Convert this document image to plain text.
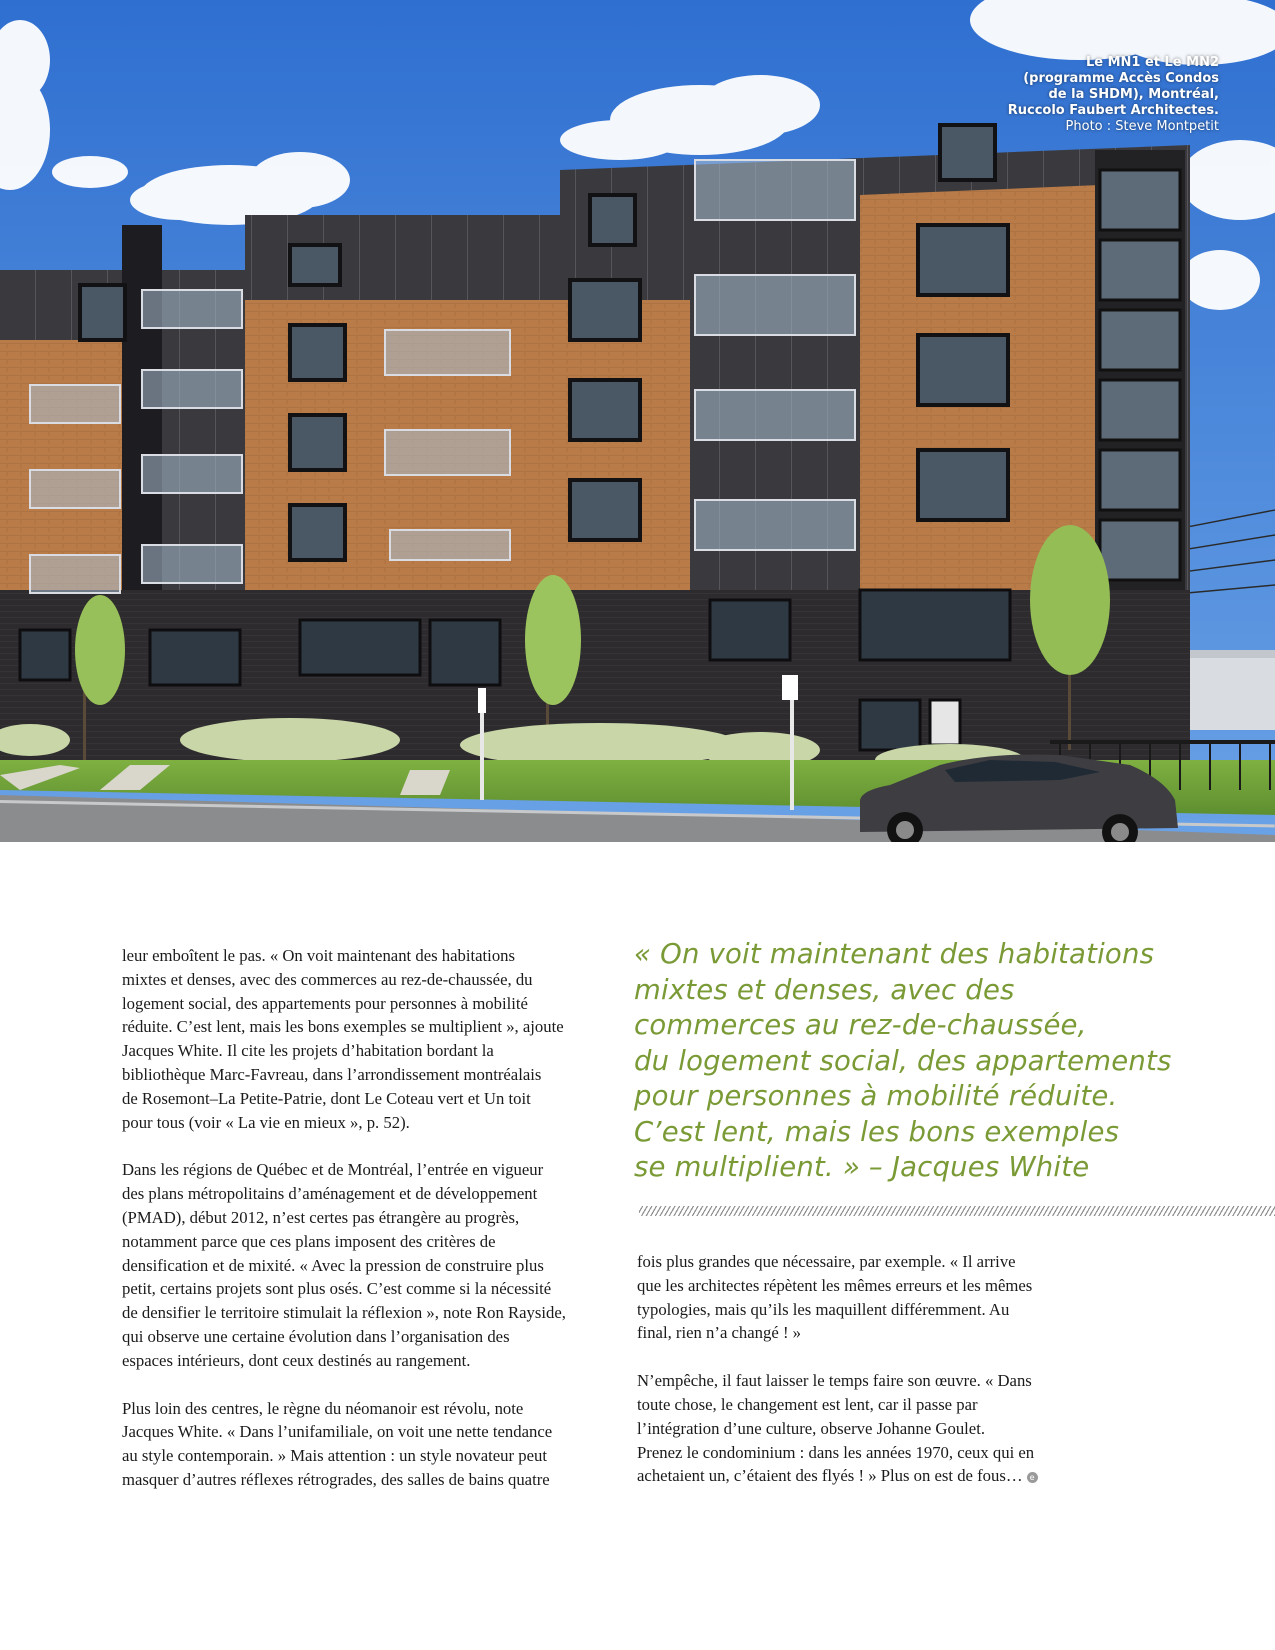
Le MN1 et Le MN2
(programme Accès Condos
de la SHDM), Montréal,
Ruccolo Faubert Architectes.
Photo : Steve Montpetit

leur emboîtent le pas. « On voit maintenant des habitations
mixtes et denses, avec des commerces au rez-de-chaussée, du
logement social, des appartements pour personnes à mobilité
réduite. C’est lent, mais les bons exemples se multiplient », ajoute
Jacques White. Il cite les projets d’habitation bordant la
bibliothèque Marc-Favreau, dans l’arrondissement montréalais
de Rosemont–La Petite-Patrie, dont Le Coteau vert et Un toit
pour tous (voir « La vie en mieux », p. 52).

Dans les régions de Québec et de Montréal, l’entrée en vigueur
des plans métropolitains d’aménagement et de développement
(PMAD), début 2012, n’est certes pas étrangère au progrès,
notamment parce que ces plans imposent des critères de
densification et de mixité. « Avec la pression de construire plus
petit, certains projets sont plus osés. C’est comme si la nécessité
de densifier le territoire stimulait la réflexion », note Ron Rayside,
qui observe une certaine évolution dans l’organisation des
espaces intérieurs, dont ceux destinés au rangement.

Plus loin des centres, le règne du néomanoir est révolu, note
Jacques White. « Dans l’unifamiliale, on voit une nette tendance
au style contemporain. » Mais attention : un style novateur peut
masquer d’autres réflexes rétrogrades, des salles de bains quatre

« On voit maintenant des habitations
mixtes et denses, avec des
commerces au rez-de-chaussée,
du logement social, des appartements
pour personnes à mobilité réduite.
C’est lent, mais les bons exemples
se multiplient. » – Jacques White

fois plus grandes que nécessaire, par exemple. « Il arrive
que les architectes répètent les mêmes erreurs et les mêmes
typologies, mais qu’ils les maquillent différemment. Au
final, rien n’a changé ! »

N’empêche, il faut laisser le temps faire son œuvre. « Dans
toute chose, le changement est lent, car il passe par
l’intégration d’une culture, observe Johanne Goulet.
Prenez le condominium : dans les années 1970, ceux qui en
achetaient un, c’étaient des flyés ! » Plus on est de fous… e
